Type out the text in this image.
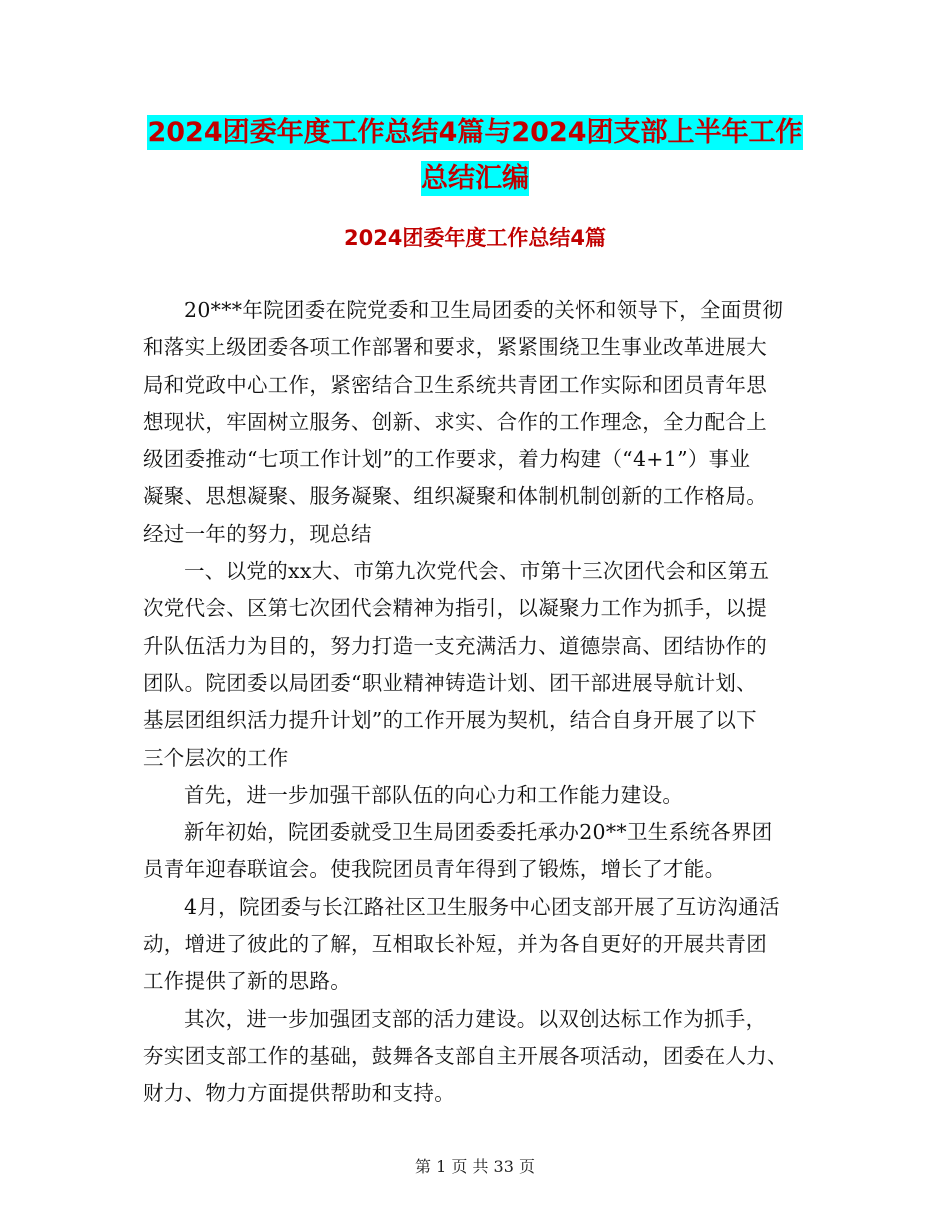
2024团委年度工作总结4篇与2024团支部上半年工作
总结汇编
2024团委年度工作总结4篇

20***年院团委在院党委和卫生局团委的关怀和领导下，全面贯彻

和落实上级团委各项工作部署和要求，紧紧围绕卫生事业改革进展大

局和党政中心工作，紧密结合卫生系统共青团工作实际和团员青年思

想现状，牢固树立服务、创新、求实、合作的工作理念，全力配合上

级团委推动“七项工作计划”的工作要求，着力构建（“4+1”）事业

凝聚、思想凝聚、服务凝聚、组织凝聚和体制机制创新的工作格局。

经过一年的努力，现总结

一、以党的xx大、市第九次党代会、市第十三次团代会和区第五

次党代会、区第七次团代会精神为指引，以凝聚力工作为抓手，以提

升队伍活力为目的，努力打造一支充满活力、道德崇高、团结协作的

团队。院团委以局团委“职业精神铸造计划、团干部进展导航计划、

基层团组织活力提升计划”的工作开展为契机，结合自身开展了以下

三个层次的工作

首先，进一步加强干部队伍的向心力和工作能力建设。

新年初始，院团委就受卫生局团委委托承办20**卫生系统各界团

员青年迎春联谊会。使我院团员青年得到了锻炼，增长了才能。

4月，院团委与长江路社区卫生服务中心团支部开展了互访沟通活

动，增进了彼此的了解，互相取长补短，并为各自更好的开展共青团

工作提供了新的思路。

其次，进一步加强团支部的活力建设。以双创达标工作为抓手，

夯实团支部工作的基础，鼓舞各支部自主开展各项活动，团委在人力、

财力、物力方面提供帮助和支持。

第 1 页 共 33 页
